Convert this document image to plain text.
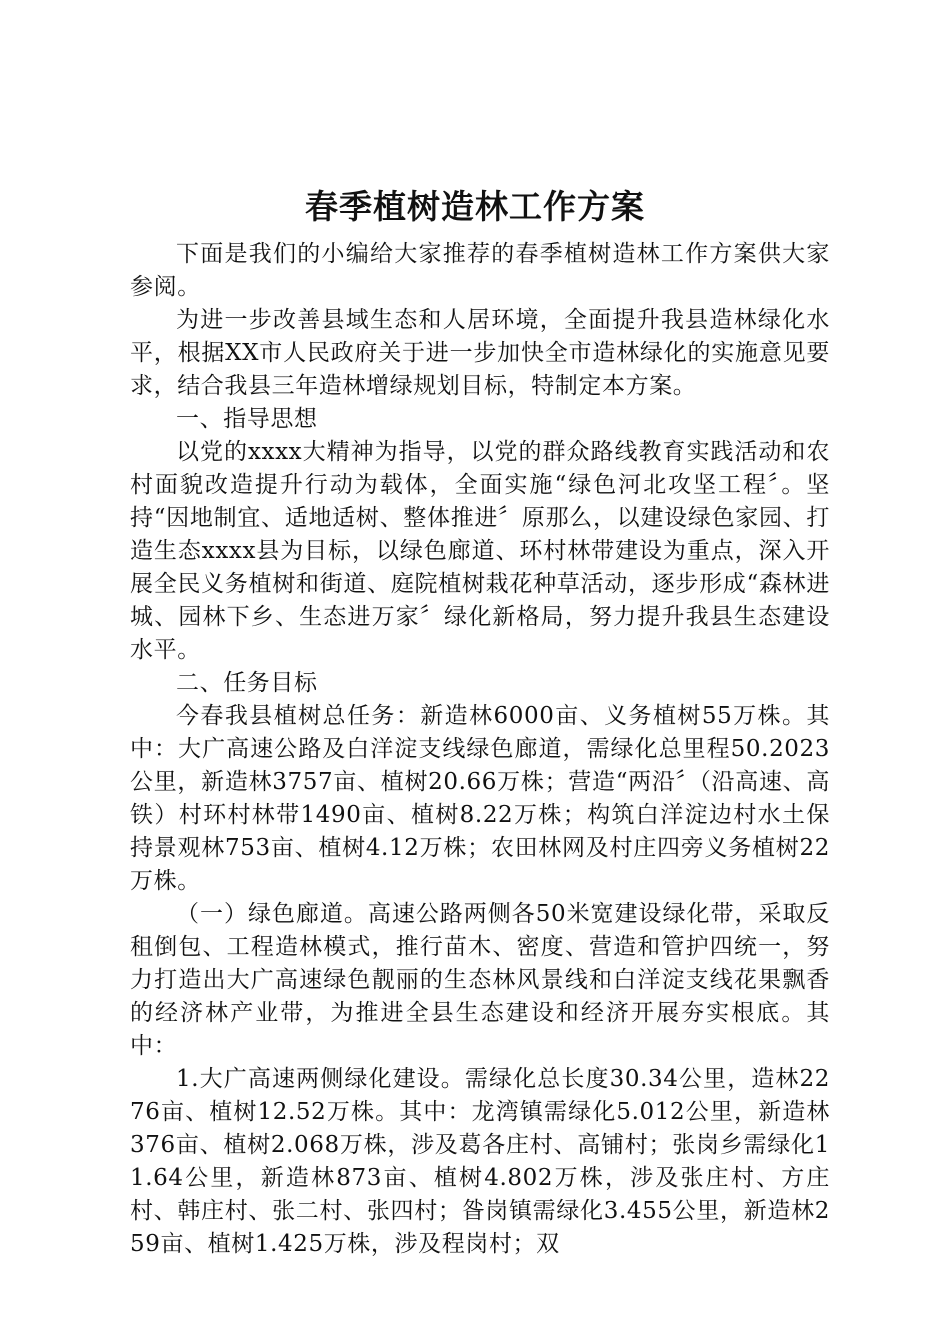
春季植树造林工作方案

下面是我们的小编给大家推荐的春季植树造林工作方案供大家参阅。

为进一步改善县域生态和人居环境，全面提升我县造林绿化水平，根据XX市人民政府关于进一步加快全市造林绿化的实施意见要求，结合我县三年造林增绿规划目标，特制定本方案。

一、指导思想

以党的xxxx大精神为指导，以党的群众路线教育实践活动和农村面貌改造提升行动为载体，全面实施“绿色河北攻坚工程〞。坚持“因地制宜、适地适树、整体推进〞原那么，以建设绿色家园、打造生态xxxx县为目标，以绿色廊道、环村林带建设为重点，深入开展全民义务植树和街道、庭院植树栽花种草活动，逐步形成“森林进城、园林下乡、生态进万家〞绿化新格局，努力提升我县生态建设水平。

二、任务目标

今春我县植树总任务：新造林6000亩、义务植树55万株。其中：大广高速公路及白洋淀支线绿色廊道，需绿化总里程50.2023公里，新造林3757亩、植树20.66万株；营造“两沿〞（沿高速、高铁）村环村林带1490亩、植树8.22万株；构筑白洋淀边村水土保持景观林753亩、植树4.12万株；农田林网及村庄四旁义务植树22万株。

（一）绿色廊道。高速公路两侧各50米宽建设绿化带，采取反租倒包、工程造林模式，推行苗木、密度、营造和管护四统一，努力打造出大广高速绿色靓丽的生态林风景线和白洋淀支线花果飘香的经济林产业带，为推进全县生态建设和经济开展夯实根底。其中：

1.大广高速两侧绿化建设。需绿化总长度30.34公里，造林2276亩、植树12.52万株。其中：龙湾镇需绿化5.012公里，新造林376亩、植树2.068万株，涉及葛各庄村、高铺村；张岗乡需绿化11.64公里，新造林873亩、植树4.802万株，涉及张庄村、方庄村、韩庄村、张二村、张四村；昝岗镇需绿化3.455公里，新造林259亩、植树1.425万株，涉及程岗村；双
